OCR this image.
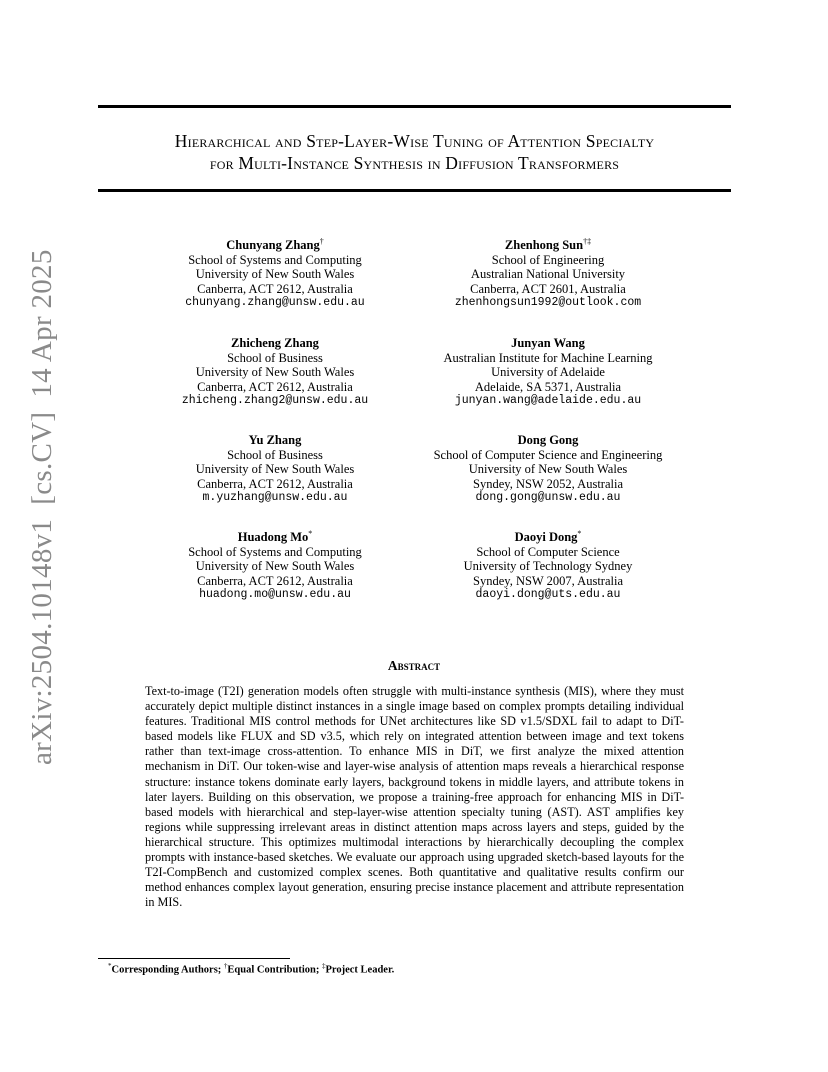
arXiv:2504.10148v1
[cs.CV]
14 Apr 2025
Hierarchical and Step-Layer-Wise Tuning of Attention Specialty
for Multi-Instance Synthesis in Diffusion Transformers
Chunyang Zhang†
School of Systems and Computing
University of New South Wales
Canberra, ACT 2612, Australia
chunyang.zhang@unsw.edu.au
Zhenhong Sun†‡
School of Engineering
Australian National University
Canberra, ACT 2601, Australia
zhenhongsun1992@outlook.com
Zhicheng Zhang
School of Business
University of New South Wales
Canberra, ACT 2612, Australia
zhicheng.zhang2@unsw.edu.au
Junyan Wang
Australian Institute for Machine Learning
University of Adelaide
Adelaide, SA 5371, Australia
junyan.wang@adelaide.edu.au
Yu Zhang
School of Business
University of New South Wales
Canberra, ACT 2612, Australia
m.yuzhang@unsw.edu.au
Dong Gong
School of Computer Science and Engineering
University of New South Wales
Syndey, NSW 2052, Australia
dong.gong@unsw.edu.au
Huadong Mo*
School of Systems and Computing
University of New South Wales
Canberra, ACT 2612, Australia
huadong.mo@unsw.edu.au
Daoyi Dong*
School of Computer Science
University of Technology Sydney
Syndey, NSW 2007, Australia
daoyi.dong@uts.edu.au
Abstract
Text-to-image (T2I) generation models often struggle with multi-instance synthesis (MIS), where they must accurately depict multiple distinct instances in a single image based on complex prompts detailing individual features. Traditional MIS control methods for UNet architectures like SD v1.5/SDXL fail to adapt to DiT-based models like FLUX and SD v3.5, which rely on integrated attention between image and text tokens rather than text-image cross-attention. To enhance MIS in DiT, we first analyze the mixed attention mechanism in DiT. Our token-wise and layer-wise analysis of attention maps reveals a hierarchical response structure: instance tokens dominate early layers, background tokens in middle layers, and attribute tokens in later layers. Building on this observation, we propose a training-free approach for enhancing MIS in DiT-based models with hierarchical and step-layer-wise attention specialty tuning (AST). AST amplifies key regions while suppressing irrelevant areas in distinct attention maps across layers and steps, guided by the hierarchical structure. This optimizes multimodal interactions by hierarchically decoupling the complex prompts with instance-based sketches. We evaluate our approach using upgraded sketch-based layouts for the T2I-CompBench and customized complex scenes. Both quantitative and qualitative results confirm our method enhances complex layout generation, ensuring precise instance placement and attribute representation in MIS.
*Corresponding Authors; †Equal Contribution; ‡Project Leader.
